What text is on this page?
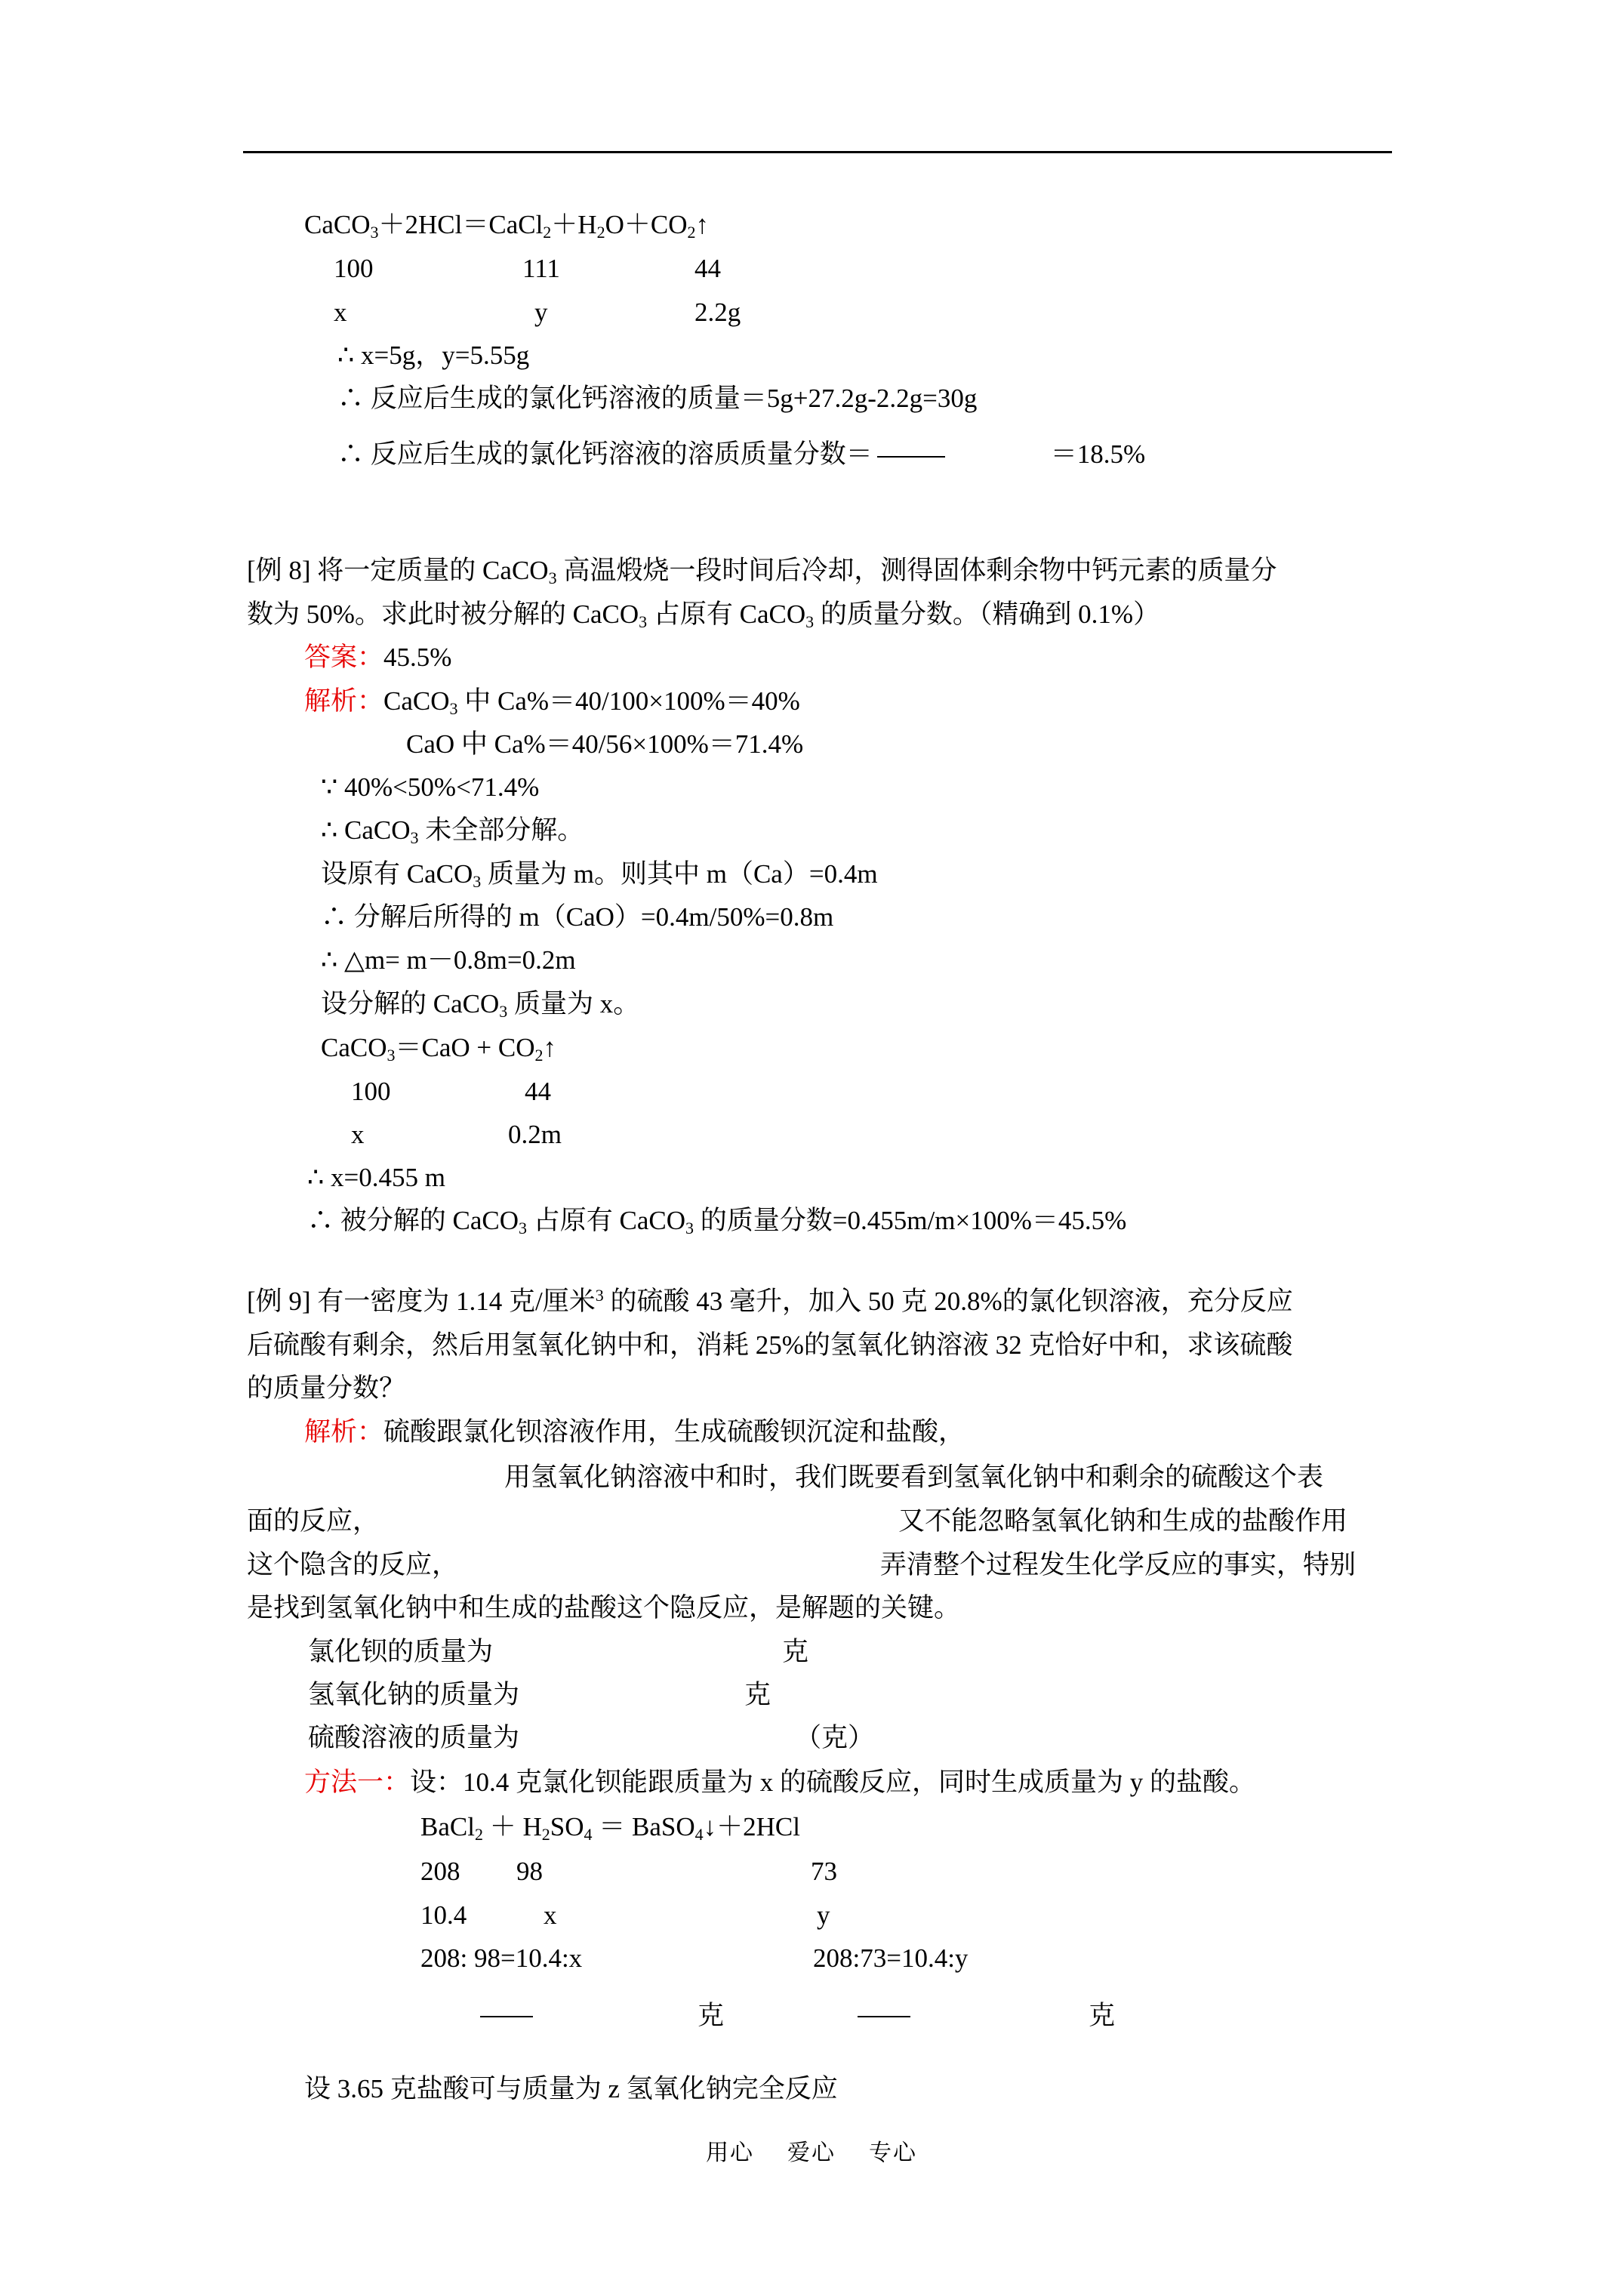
$CaCO_3+2HCl=CaCl_2+H_2O+CO_2↑$
100	111	44
x	y	2.2g
∴ x=5g，y=5.55g
∴ 反应后生成的氯化钙溶液的质量＝5g+27.2g-2.2g=30g
∴ 反应后生成的氯化钙溶液的溶质质量分数＝	＝18.5%
[例 8] 将一定质量的 CaCO$_3$ 高温煅烧一段时间后冷却，测得固体剩余物中钙元素的质量分
数为 50%。求此时被分解的 CaCO$_3$ 占原有 CaCO$_3$ 的质量分数。（精确到 0.1%）
答案：45.5%
解析：CaCO$_3$ 中 Ca%＝40/100×100%＝40%
CaO 中 Ca%＝40/56×100%＝71.4%
∵ 40%<50%<71.4%
∴ CaCO$_3$ 未全部分解。
设原有 CaCO$_3$ 质量为 m。则其中 m（Ca）=0.4m
∴ 分解后所得的 m（CaO）=0.4m/50%=0.8m
∴ △m= m－0.8m=0.2m
设分解的 CaCO$_3$ 质量为 x。
CaCO$_3$＝CaO + $CO_2↑$
100	44
x	0.2m
∴ x=0.455 m
∴ 被分解的 CaCO$_3$ 占原有 CaCO$_3$ 的质量分数=0.455m/m×100%＝45.5%
[例 9] 有一密度为 1.14 克/厘米$^3$ 的硫酸 43 毫升，加入 50 克 20.8%的氯化钡溶液，充分反应
后硫酸有剩余，然后用氢氧化钠中和，消耗 25%的氢氧化钠溶液 32 克恰好中和，求该硫酸
的质量分数？
解析：硫酸跟氯化钡溶液作用，生成硫酸钡沉淀和盐酸，
用氢氧化钠溶液中和时，我们既要看到氢氧化钠中和剩余的硫酸这个表
面的反应，	又不能忽略氢氧化钠和生成的盐酸作用
这个隐含的反应，	弄清整个过程发生化学反应的事实，特别
是找到氢氧化钠中和生成的盐酸这个隐反应，是解题的关键。
氯化钡的质量为	克
氢氧化钠的质量为	克
硫酸溶液的质量为	（克）
方法一：设：10.4 克氯化钡能跟质量为 x 的硫酸反应，同时生成质量为 y 的盐酸。
BaCl$_2$ ＋ $H_2SO_4$ ＝ BaSO$_4$↓＋2HCl
208 98	73
10.4	x	y
208: 98=10.4:x	208:73=10.4:y
克	克
设 3.65 克盐酸可与质量为 z 氢氧化钠完全反应
用心 爱心 专心
